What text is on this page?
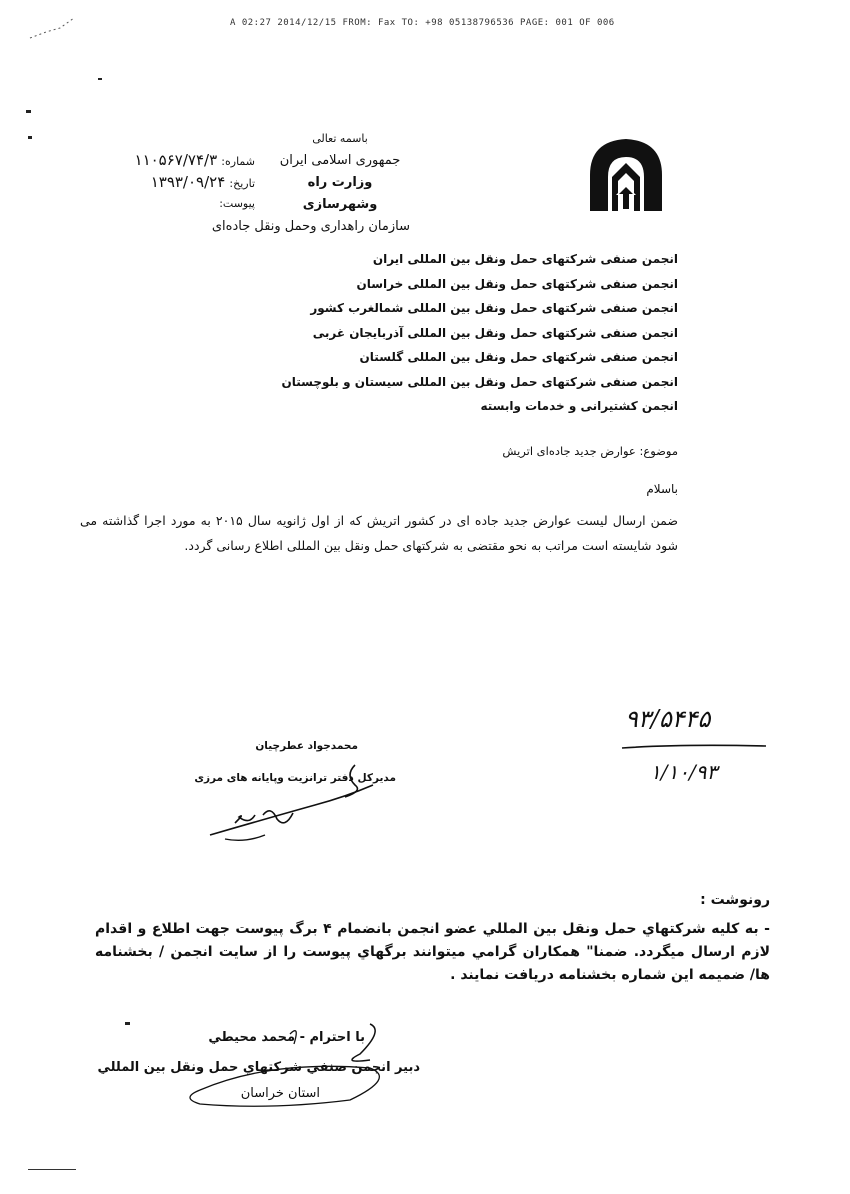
A 02:27 2014/12/15 FROM: Fax TO: +98 05138796536 PAGE: 001 OF 006
باسمه تعالی
جمهوری اسلامی ایران
وزارت راه وشهرسازی
سازمان راهداری وحمل ونقل جاده‌ای
شماره: ۱۱۰۵۶۷/۷۴/۳
تاریخ: ۱۳۹۳/۰۹/۲۴
پیوست:
انجمن صنفی شرکتهای حمل ونقل بین المللی ایران
انجمن صنفی شرکتهای حمل ونقل بین المللی خراسان
انجمن صنفی شرکتهای حمل ونقل بین المللی شمالغرب کشور
انجمن صنفی شرکتهای حمل ونقل بین المللی آذربایجان غربی
انجمن صنفی شرکتهای حمل ونقل بین المللی گلستان
انجمن صنفی شرکتهای حمل ونقل بین المللی سیستان و بلوچستان
انجمن کشتیرانی و خدمات وابسته
موضوع: عوارض جدید جاده‌ای اتریش
باسلام
ضمن ارسال لیست عوارض جدید جاده ای در کشور اتریش که از اول ژانویه سال ۲۰۱۵ به مورد اجرا گذاشته می شود شایسته است مراتب به نحو مقتضی به شرکتهای حمل ونقل بین المللی اطلاع رسانی گردد.
محمدجواد عطرچیان
مدیرکل دفتر ترانزیت وپایانه های مرزی
۹۳/۵۴۴۵
۱/۱۰/۹۳
رونوشت :
- به کلیه شرکتهاي حمل ونقل بين المللي عضو انجمن بانضمام ۴ برگ پيوست جهت اطلاع و اقدام لازم ارسال ميگردد. ضمنا" همکاران گرامي ميتوانند برگهاي پيوست را از سايت انجمن / بخشنامه ها/ ضميمه اين شماره بخشنامه دريافت نمايند .
با احترام - محمد محيطي
دبير انجمن صنفي شرکتهاي حمل ونقل بين المللي
استان خراسان
